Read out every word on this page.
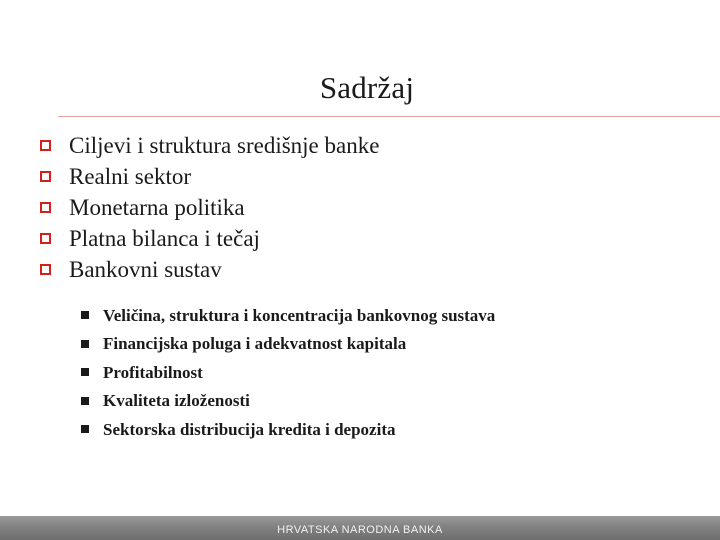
Sadržaj
Ciljevi i struktura središnje banke
Realni sektor
Monetarna politika
Platna bilanca i tečaj
Bankovni sustav
Veličina, struktura i koncentracija bankovnog sustava
Financijska poluga i adekvatnost kapitala
Profitabilnost
Kvaliteta izloženosti
Sektorska distribucija kredita i depozita
HRVATSKA NARODNA BANKA
